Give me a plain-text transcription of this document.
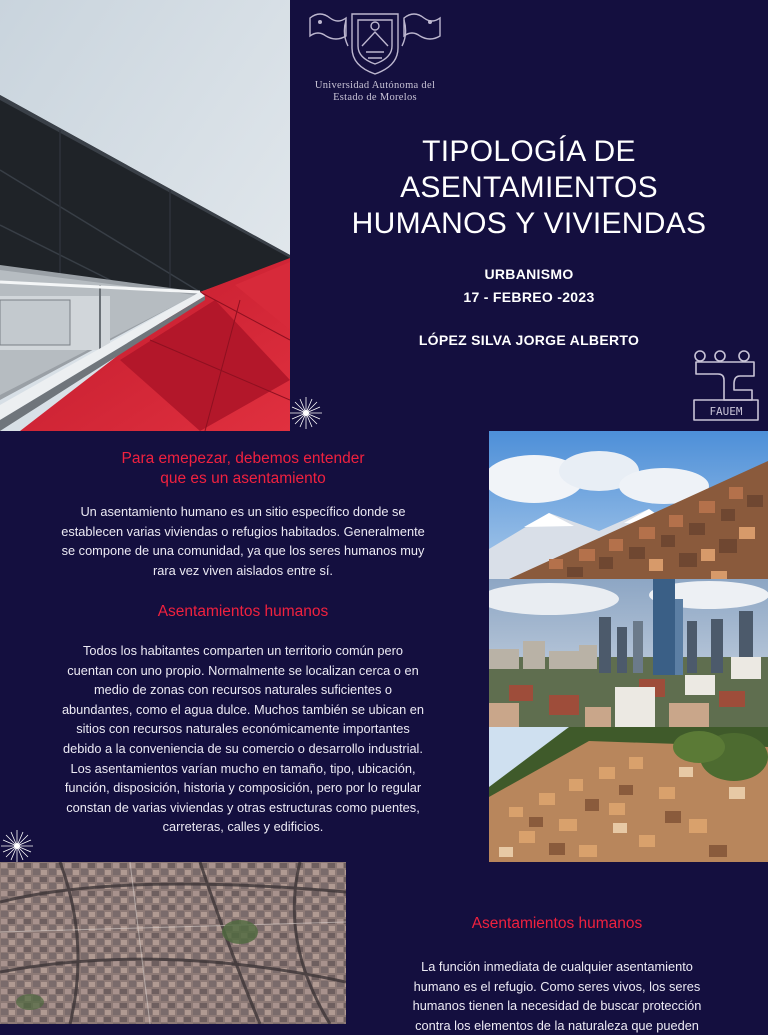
Universidad Autónoma del
Estado de Morelos
TIPOLOGÍA DE
ASENTAMIENTOS
HUMANOS Y VIVIENDAS
URBANISMO
17 - FEBREO -2023
LÓPEZ SILVA JORGE ALBERTO
FAUEM

Para emepezar, debemos entender

que es un asentamiento

Un asentamiento humano es un sitio específico donde se

establecen varias viviendas o refugios habitados. Generalmente

se compone de una comunidad, ya que los seres humanos muy

rara vez viven aislados entre sí.

Asentamientos humanos

Todos los habitantes comparten un territorio común pero

cuentan con uno propio. Normalmente se localizan cerca o en

medio de zonas con recursos naturales suficientes o

abundantes, como el agua dulce. Muchos también se ubican en

sitios con recursos naturales económicamente importantes

debido a la conveniencia de su comercio o desarrollo industrial.

Los asentamientos varían mucho en tamaño, tipo, ubicación,

función, disposición, historia y composición, pero por lo regular

constan de varias viviendas y otras estructuras como puentes,

carreteras, calles y edificios.

Asentamientos humanos

La función inmediata de cualquier asentamiento

humano es el refugio. Como seres vivos, los seres

humanos tienen la necesidad de buscar protección

contra los elementos de la naturaleza que pueden
